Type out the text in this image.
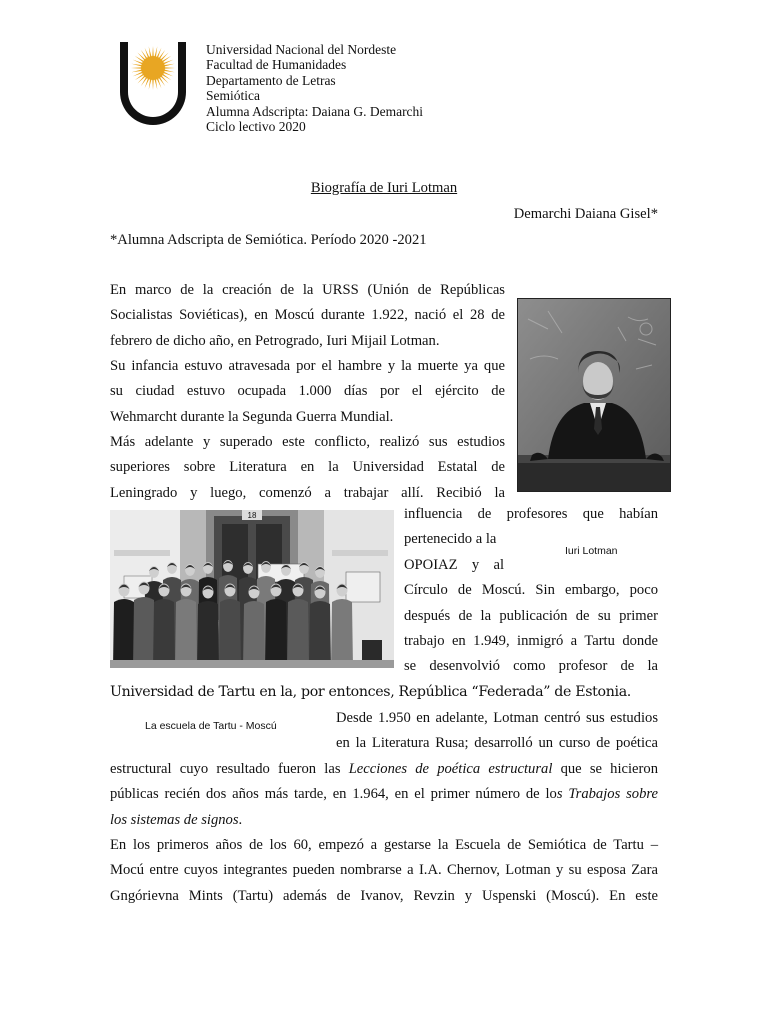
Universidad Nacional del Nordeste
Facultad de Humanidades
Departamento de Letras
Semiótica
Alumna Adscripta: Daiana G. Demarchi
Ciclo lectivo 2020
Biografía de Iuri Lotman
Demarchi Daiana Gisel*
*Alumna Adscripta de Semiótica. Período 2020 -2021
En marco de la creación de la URSS (Unión de Repúblicas
Socialistas Soviéticas), en Moscú durante 1.922, nació el 28 de
febrero de dicho año, en Petrogrado, Iuri Mijail Lotman.
Su infancia estuvo atravesada por el hambre y la muerte ya que
su ciudad estuvo ocupada 1.000 días por el ejército de
Wehmarcht durante la Segunda Guerra Mundial.
Más adelante y superado este conflicto, realizó sus estudios
superiores sobre Literatura en la Universidad Estatal de
Leningrado y luego, comenzó a trabajar allí. Recibió la
Iuri Lotman
18
La escuela de Tartu - Moscú
influencia de profesores que habían
pertenecido a la
OPOIAZ y al
Círculo de Moscú. Sin embargo, poco
después de la publicación de su primer
trabajo en 1.949, inmigró a Tartu donde
se desenvolvió como profesor de la
Universidad de Tartu en la, por entonces, República “Federada” de Estonia.
Desde 1.950 en adelante, Lotman centró sus estudios
en la Literatura Rusa; desarrolló un curso de poética
estructural cuyo resultado fueron las Lecciones de poética estructural que se hicieron
públicas recién dos años más tarde, en 1.964, en el primer número de los Trabajos sobre
los sistemas de signos.
En los primeros años de los 60, empezó a gestarse la Escuela de Semiótica de Tartu –
Mocú entre cuyos integrantes pueden nombrarse a I.A. Chernov, Lotman y su esposa Zara
Gngórievna Mints (Tartu) además de Ivanov, Revzin y Uspenski (Moscú). En este
